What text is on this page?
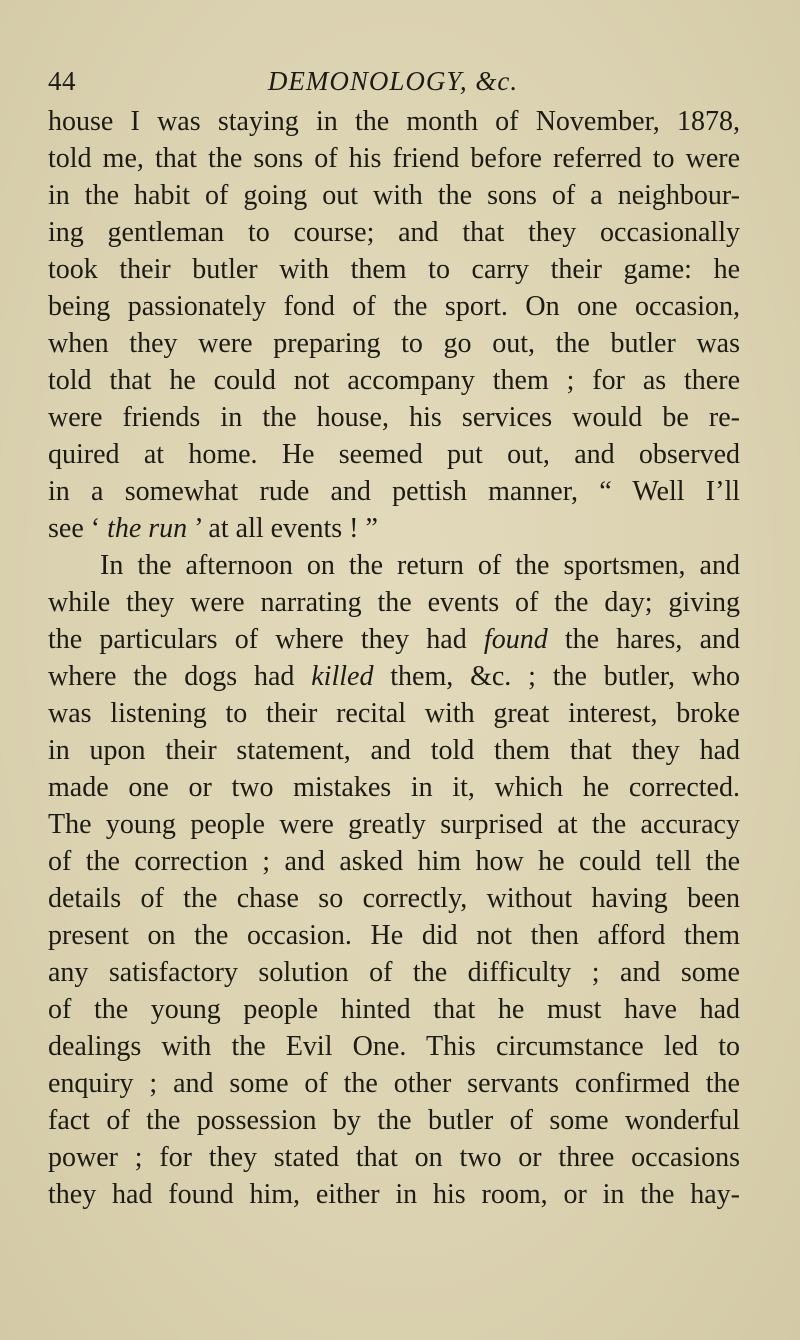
44	DEMONOLOGY, &c.
house I was staying in the month of November, 1878,
told me, that the sons of his friend before referred to were
in the habit of going out with the sons of a neighbour-
ing gentleman to course; and that they occasionally
took their butler with them to carry their game: he
being passionately fond of the sport. On one occasion,
when they were preparing to go out, the butler was
told that he could not accompany them ; for as there
were friends in the house, his services would be re-
quired at home. He seemed put out, and observed
in a somewhat rude and pettish manner, “ Well I’ll
see ‘ the run ’ at all events ! ”
In the afternoon on the return of the sportsmen, and
while they were narrating the events of the day; giving
the particulars of where they had found the hares, and
where the dogs had killed them, &c. ; the butler, who
was listening to their recital with great interest, broke
in upon their statement, and told them that they had
made one or two mistakes in it, which he corrected.
The young people were greatly surprised at the accuracy
of the correction ; and asked him how he could tell the
details of the chase so correctly, without having been
present on the occasion. He did not then afford them
any satisfactory solution of the difficulty ; and some
of the young people hinted that he must have had
dealings with the Evil One. This circumstance led to
enquiry ; and some of the other servants confirmed the
fact of the possession by the butler of some wonderful
power ; for they stated that on two or three occasions
they had found him, either in his room, or in the hay-
